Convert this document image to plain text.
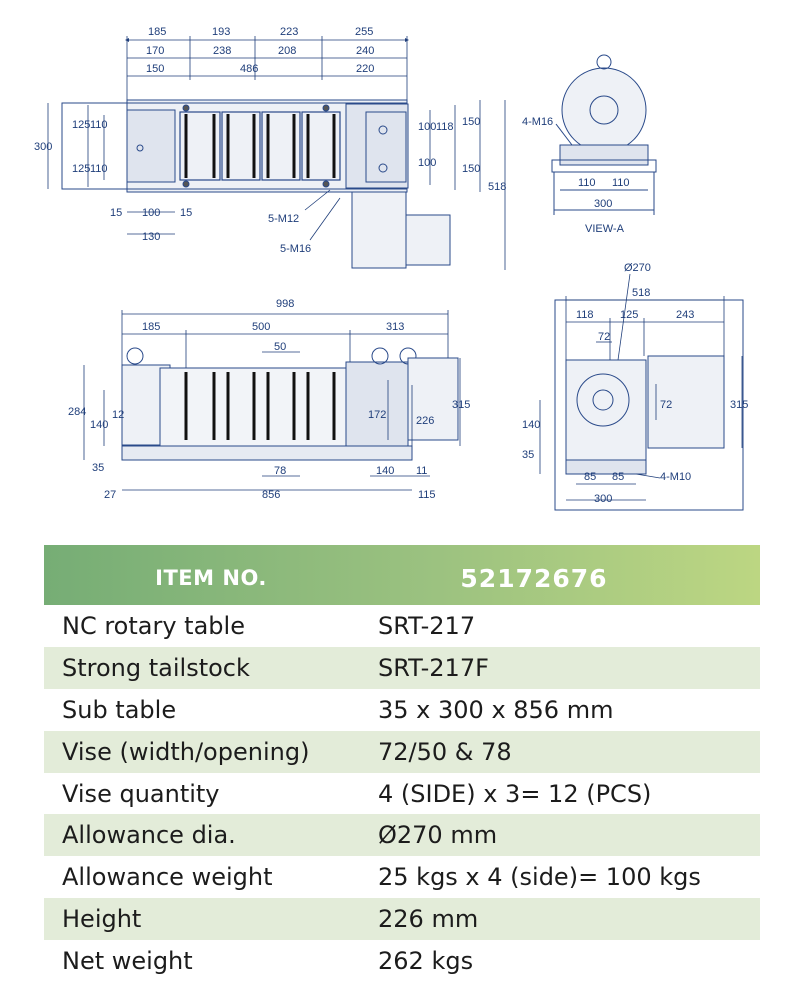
185	193	223	255
170	238	208	240
150	486	220
300
125
125
110
110
100
100
118 150
150
518
15 100 15
130
5-M12
5-M16
4-M16
110 110
300
VIEW-A
998
185	500	313
50
284
140
12
35
172	226
315
78	140 11
27	856	115
Ø270
518
118 125	243
72
72	315
140
35
85 85
300
4-M10
ITEM NO.	52172676
NC rotary table	SRT-217
Strong tailstock	SRT-217F
Sub table	35 x 300 x 856 mm
Vise (width/opening)	72/50 & 78
Vise quantity	4 (SIDE) x 3= 12 (PCS)
Allowance dia.	Ø270 mm
Allowance weight	25 kgs x 4 (side)= 100 kgs
Height	226 mm
Net weight	262 kgs
